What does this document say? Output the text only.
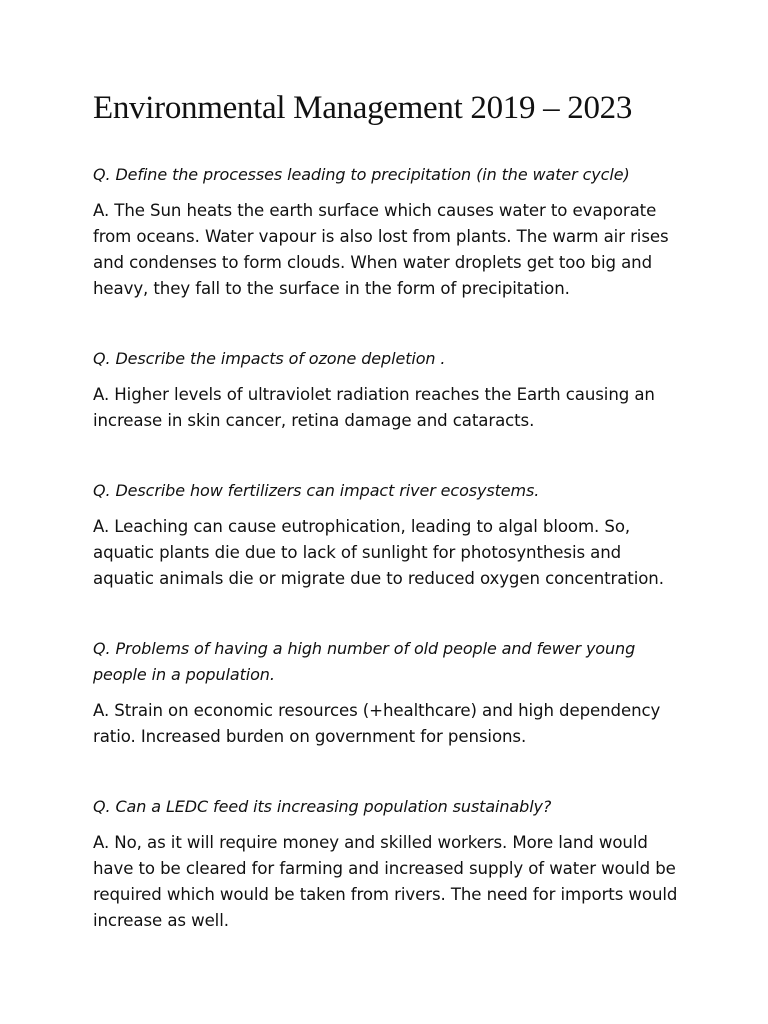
Environmental Management 2019 – 2023

Q. Define the processes leading to precipitation (in the water cycle)

A. The Sun heats the earth surface which causes water to evaporate from oceans. Water vapour is also lost from plants. The warm air rises and condenses to form clouds. When water droplets get too big and heavy, they fall to the surface in the form of precipitation.

Q. Describe the impacts of ozone depletion .

A. Higher levels of ultraviolet radiation reaches the Earth causing an increase in skin cancer, retina damage and cataracts.

Q. Describe how fertilizers can impact river ecosystems.

A. Leaching can cause eutrophication, leading to algal bloom. So, aquatic plants die due to lack of sunlight for photosynthesis and aquatic animals die or migrate due to reduced oxygen concentration.

Q. Problems of having a high number of old people and fewer young people in a population.

A. Strain on economic resources (+healthcare) and high dependency ratio. Increased burden on government for pensions.

Q. Can a LEDC feed its increasing population sustainably?

A. No, as it will require money and skilled workers. More land would have to be cleared for farming and increased supply of water would be required which would be taken from rivers. The need for imports would increase as well.
